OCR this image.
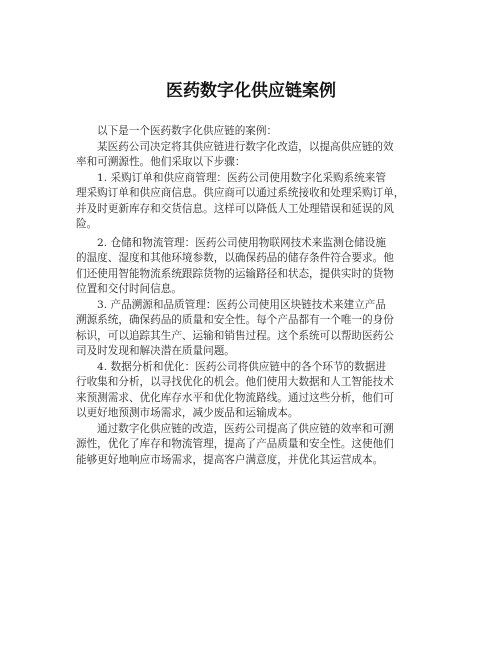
医药数字化供应链案例
以下是一个医药数字化供应链的案例：
某医药公司决定将其供应链进行数字化改造，以提高供应链的效
率和可溯源性。他们采取以下步骤：
1. 采购订单和供应商管理：医药公司使用数字化采购系统来管
理采购订单和供应商信息。供应商可以通过系统接收和处理采购订单，
并及时更新库存和交货信息。这样可以降低人工处理错误和延误的风
险。
2. 仓储和物流管理：医药公司使用物联网技术来监测仓储设施
的温度、湿度和其他环境参数，以确保药品的储存条件符合要求。他
们还使用智能物流系统跟踪货物的运输路径和状态，提供实时的货物
位置和交付时间信息。
3. 产品溯源和品质管理：医药公司使用区块链技术来建立产品
溯源系统，确保药品的质量和安全性。每个产品都有一个唯一的身份
标识，可以追踪其生产、运输和销售过程。这个系统可以帮助医药公
司及时发现和解决潜在质量问题。
4. 数据分析和优化：医药公司将供应链中的各个环节的数据进
行收集和分析，以寻找优化的机会。他们使用大数据和人工智能技术
来预测需求、优化库存水平和优化物流路线。通过这些分析，他们可
以更好地预测市场需求，减少废品和运输成本。
通过数字化供应链的改造，医药公司提高了供应链的效率和可溯
源性，优化了库存和物流管理，提高了产品质量和安全性。这使他们
能够更好地响应市场需求，提高客户满意度，并优化其运营成本。
